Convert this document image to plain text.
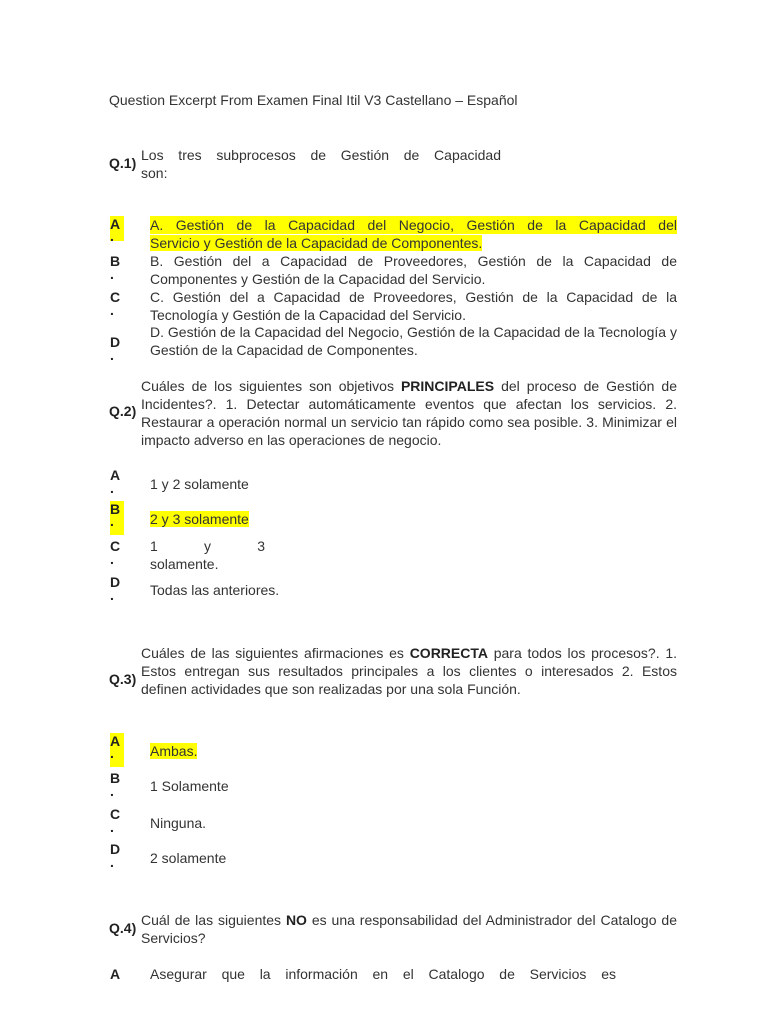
Question Excerpt From Examen Final Itil V3 Castellano – Español
Q.1) Los tres subprocesos de Gestión de Capacidad
son:
A
.
B
.
C
.
D
.
A. Gestión de la Capacidad del Negocio, Gestión de la Capacidad del
Servicio y Gestión de la Capacidad de Componentes.
B. Gestión del a Capacidad de Proveedores, Gestión de la Capacidad de Componentes y Gestión de la Capacidad del Servicio.
C. Gestión del a Capacidad de Proveedores, Gestión de la Capacidad de la Tecnología y Gestión de la Capacidad del Servicio.
D. Gestión de la Capacidad del Negocio, Gestión de la Capacidad de la Tecnología y Gestión de la Capacidad de Componentes.
Q.2)
Cuáles de los siguientes son objetivos PRINCIPALES del proceso de Gestión de Incidentes?. 1. Detectar automáticamente eventos que afectan los servicios. 2. Restaurar a operación normal un servicio tan rápido como sea posible. 3. Minimizar el impacto adverso en las operaciones de negocio.
A
.
B
.
C
.
D
.
1 y 2 solamente
2 y 3 solamente
1	y	3
solamente.
Todas las anteriores.
Q.3)
Cuáles de las siguientes afirmaciones es CORRECTA para todos los procesos?. 1. Estos entregan sus resultados principales a los clientes o interesados 2. Estos definen actividades que son realizadas por una sola Función.
A
.
B
.
C
.
D
.
Ambas.
1 Solamente
Ninguna.
2 solamente
Q.4) Cuál de las siguientes NO es una responsabilidad del Administrador del Catalogo de Servicios?
A Asegurar que la información en el Catalogo de Servicios es
